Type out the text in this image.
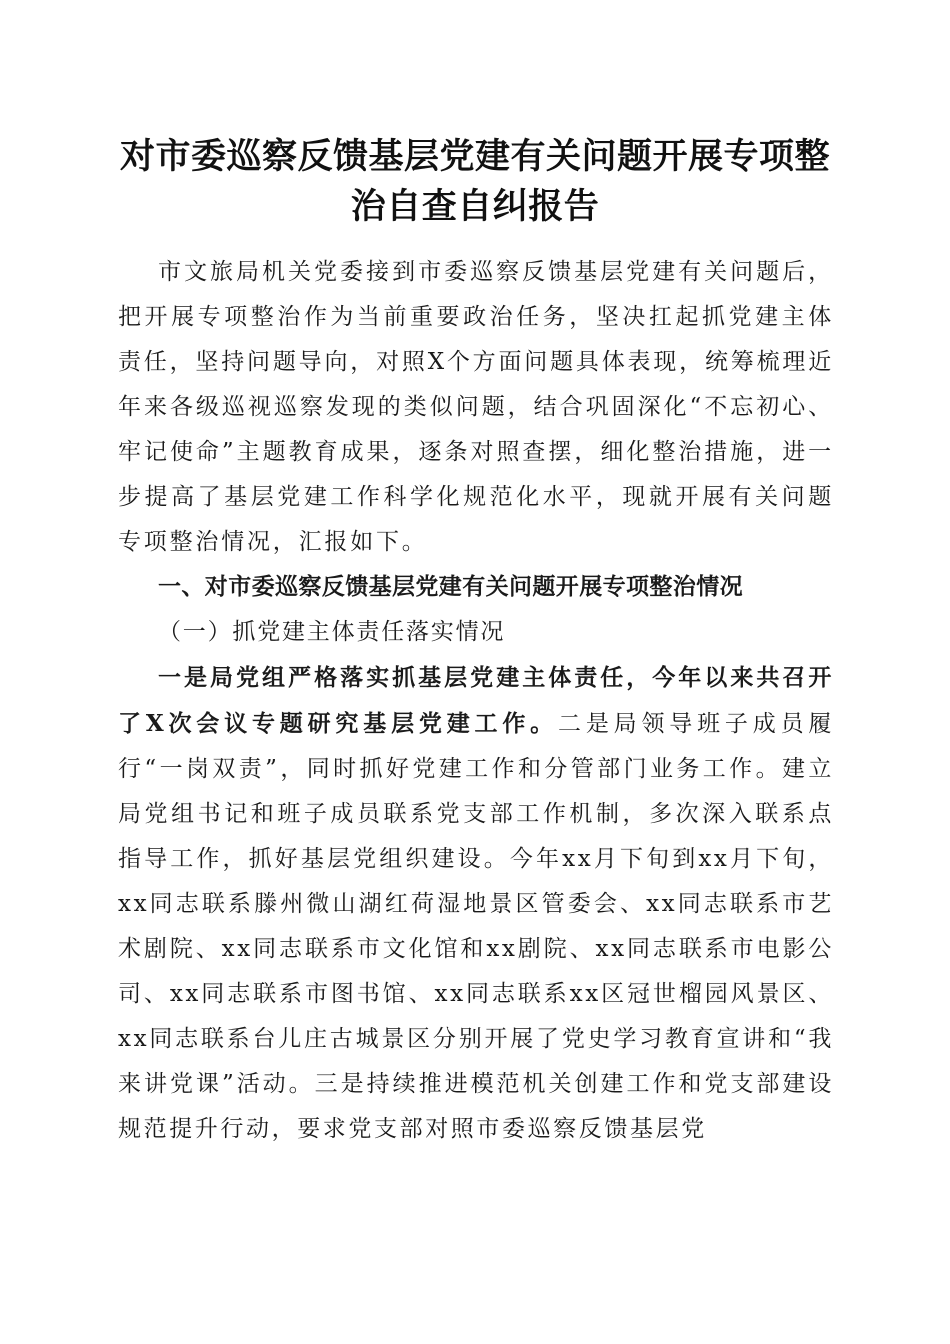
对市委巡察反馈基层党建有关问题开展专项整治自查自纠报告

市文旅局机关党委接到市委巡察反馈基层党建有关问题后，把开展专项整治作为当前重要政治任务，坚决扛起抓党建主体责任，坚持问题导向，对照X个方面问题具体表现，统筹梳理近年来各级巡视巡察发现的类似问题，结合巩固深化“不忘初心、牢记使命”主题教育成果，逐条对照查摆，细化整治措施，进一步提高了基层党建工作科学化规范化水平，现就开展有关问题专项整治情况，汇报如下。

一、对市委巡察反馈基层党建有关问题开展专项整治情况

（一）抓党建主体责任落实情况

一是局党组严格落实抓基层党建主体责任，今年以来共召开了X次会议专题研究基层党建工作。二是局领导班子成员履行“一岗双责”，同时抓好党建工作和分管部门业务工作。建立局党组书记和班子成员联系党支部工作机制，多次深入联系点指导工作，抓好基层党组织建设。今年xx月下旬到xx月下旬，xx同志联系滕州微山湖红荷湿地景区管委会、xx同志联系市艺术剧院、xx同志联系市文化馆和xx剧院、xx同志联系市电影公司、xx同志联系市图书馆、xx同志联系xx区冠世榴园风景区、xx同志联系台儿庄古城景区分别开展了党史学习教育宣讲和“我来讲党课”活动。三是持续推进模范机关创建工作和党支部建设规范提升行动，要求党支部对照市委巡察反馈基层党
